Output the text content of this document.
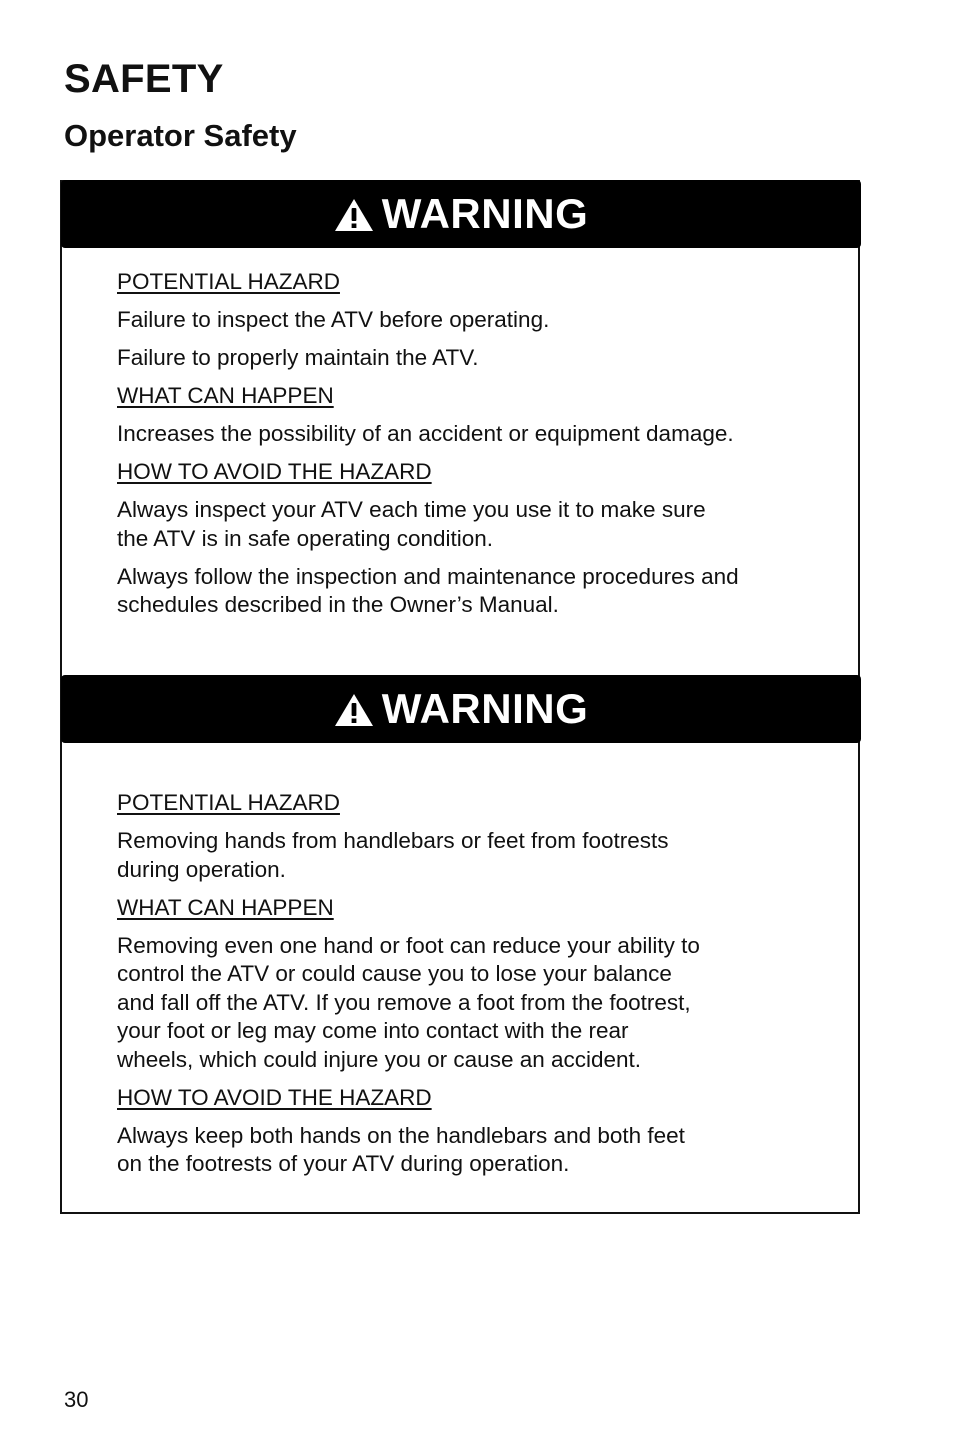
SAFETY
Operator Safety
WARNING

POTENTIAL HAZARD

Failure to inspect the ATV before operating.

Failure to properly maintain the ATV.

WHAT CAN HAPPEN

Increases the possibility of an accident or equipment damage.

HOW TO AVOID THE HAZARD

Always inspect your ATV each time you use it to make sure
the ATV is in safe operating condition.

Always follow the inspection and maintenance procedures and
schedules described in the Owner’s Manual.

WARNING

POTENTIAL HAZARD

Removing hands from handlebars or feet from footrests
during operation.

WHAT CAN HAPPEN

Removing even one hand or foot can reduce your ability to
control the ATV or could cause you to lose your balance
and fall off the ATV. If you remove a foot from the footrest,
your foot or leg may come into contact with the rear
wheels, which could injure you or cause an accident.

HOW TO AVOID THE HAZARD

Always keep both hands on the handlebars and both feet
on the footrests of your ATV during operation.

30
